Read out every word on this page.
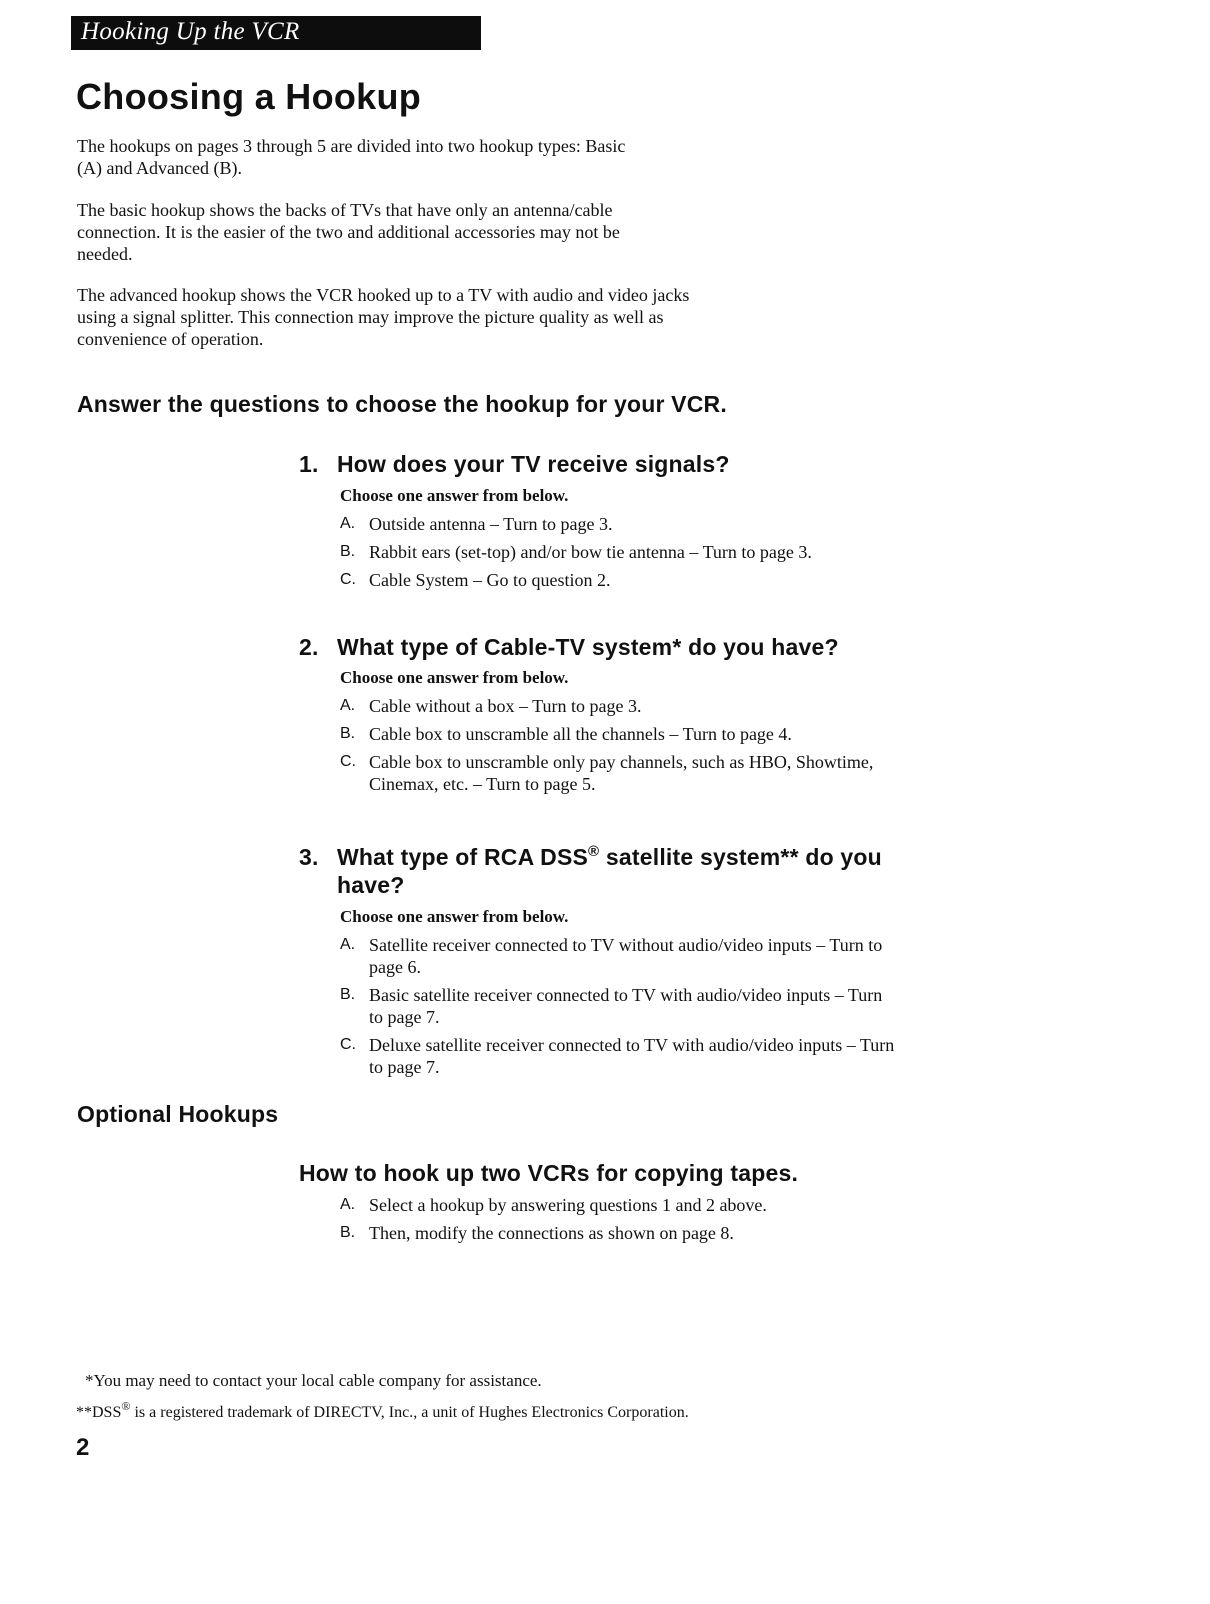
Hooking Up the VCR
Choosing a Hookup

The hookups on pages 3 through 5 are divided into two hookup types: Basic (A) and Advanced (B).

The basic hookup shows the backs of TVs that have only an antenna/cable connection. It is the easier of the two and additional accessories may not be needed.

The advanced hookup shows the VCR hooked up to a TV with audio and video jacks using a signal splitter. This connection may improve the picture quality as well as convenience of operation.

Answer the questions to choose the hookup for your VCR.
1. How does your TV receive signals?

Choose one answer from below.

A. Outside antenna – Turn to page 3.
B. Rabbit ears (set-top) and/or bow tie antenna – Turn to page 3.
C. Cable System – Go to question 2.
2. What type of Cable-TV system* do you have?

Choose one answer from below.

A. Cable without a box – Turn to page 3.
B. Cable box to unscramble all the channels – Turn to page 4.
C. Cable box to unscramble only pay channels, such as HBO, Showtime, Cinemax, etc. – Turn to page 5.
3. What type of RCA DSS® satellite system** do you have?

Choose one answer from below.

A. Satellite receiver connected to TV without audio/video inputs – Turn to page 6.
B. Basic satellite receiver connected to TV with audio/video inputs – Turn to page 7.
C. Deluxe satellite receiver connected to TV with audio/video inputs – Turn to page 7.
Optional Hookups
How to hook up two VCRs for copying tapes.
A. Select a hookup by answering questions 1 and 2 above.
B. Then, modify the connections as shown on page 8.

*You may need to contact your local cable company for assistance.

**DSS® is a registered trademark of DIRECTV, Inc., a unit of Hughes Electronics Corporation.

2
